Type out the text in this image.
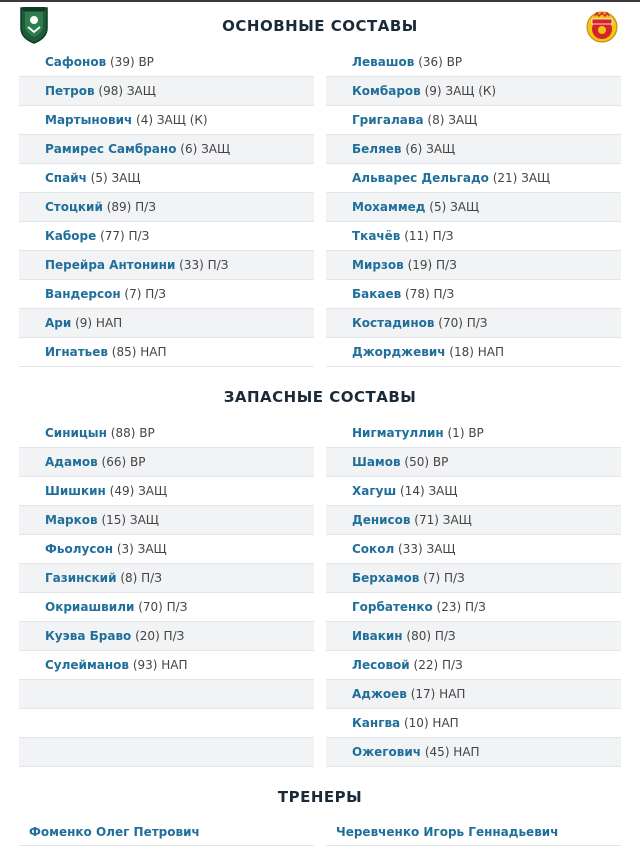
ОСНОВНЫЕ СОСТАВЫ
Сафонов (39) ВР
Петров (98) ЗАЩ
Мартынович (4) ЗАЩ (К)
Рамирес Самбрано (6) ЗАЩ
Спайч (5) ЗАЩ
Стоцкий (89) П/З
Каборе (77) П/З
Перейра Антонини (33) П/З
Вандерсон (7) П/З
Ари (9) НАП
Игнатьев (85) НАП
Левашов (36) ВР
Комбаров (9) ЗАЩ (К)
Григалава (8) ЗАЩ
Беляев (6) ЗАЩ
Альварес Дельгадо (21) ЗАЩ
Мохаммед (5) ЗАЩ
Ткачёв (11) П/З
Мирзов (19) П/З
Бакаев (78) П/З
Костадинов (70) П/З
Джорджевич (18) НАП
ЗАПАСНЫЕ СОСТАВЫ
Синицын (88) ВР
Адамов (66) ВР
Шишкин (49) ЗАЩ
Марков (15) ЗАЩ
Фьолусон (3) ЗАЩ
Газинский (8) П/З
Окриашвили (70) П/З
Куэва Браво (20) П/З
Сулейманов (93) НАП
Нигматуллин (1) ВР
Шамов (50) ВР
Хагуш (14) ЗАЩ
Денисов (71) ЗАЩ
Сокол (33) ЗАЩ
Берхамов (7) П/З
Горбатенко (23) П/З
Ивакин (80) П/З
Лесовой (22) П/З
Аджоев (17) НАП
Кангва (10) НАП
Ожегович (45) НАП
ТРЕНЕРЫ
Фоменко Олег Петрович	Черевченко Игорь Геннадьевич
